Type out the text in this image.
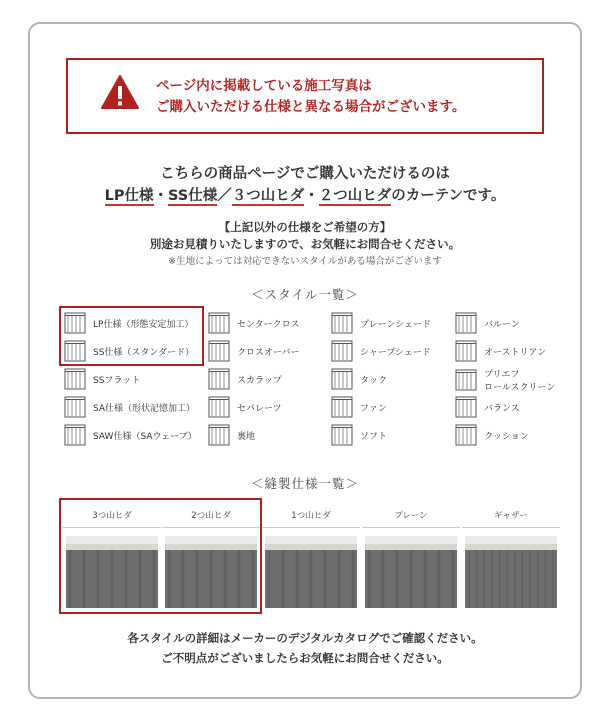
ページ内に掲載している施工写真は
ご購入いただける仕様と異なる場合がございます。
こちらの商品ページでご購入いただけるのは
LP仕様・SS仕様／３つ山ヒダ・２つ山ヒダのカーテンです。
【上記以外の仕様をご希望の方】
別途お見積りいたしますので、お気軽にお問合せください。
※生地によっては対応できないスタイルがある場合がございます
＜スタイル一覧＞
LP仕様（形態安定加工）
SS仕様（スタンダード）
SSフラット
SA仕様（形状記憶加工）
SAW仕様（SAウェーブ）
センタークロス
クロスオーバー
スカラップ
セパレーツ
裏地
プレーンシェード
シャープシェード
タック
ファン
ソフト
バルーン
オーストリアン
プリエフ
ロールスクリーン
バランス
クッション
＜縫製仕様一覧＞
3つ山ヒダ	2つ山ヒダ	1つ山ヒダ	プレーン	ギャザー
各スタイルの詳細はメーカーのデジタルカタログでご確認ください。
ご不明点がございましたらお気軽にお問合せください。
